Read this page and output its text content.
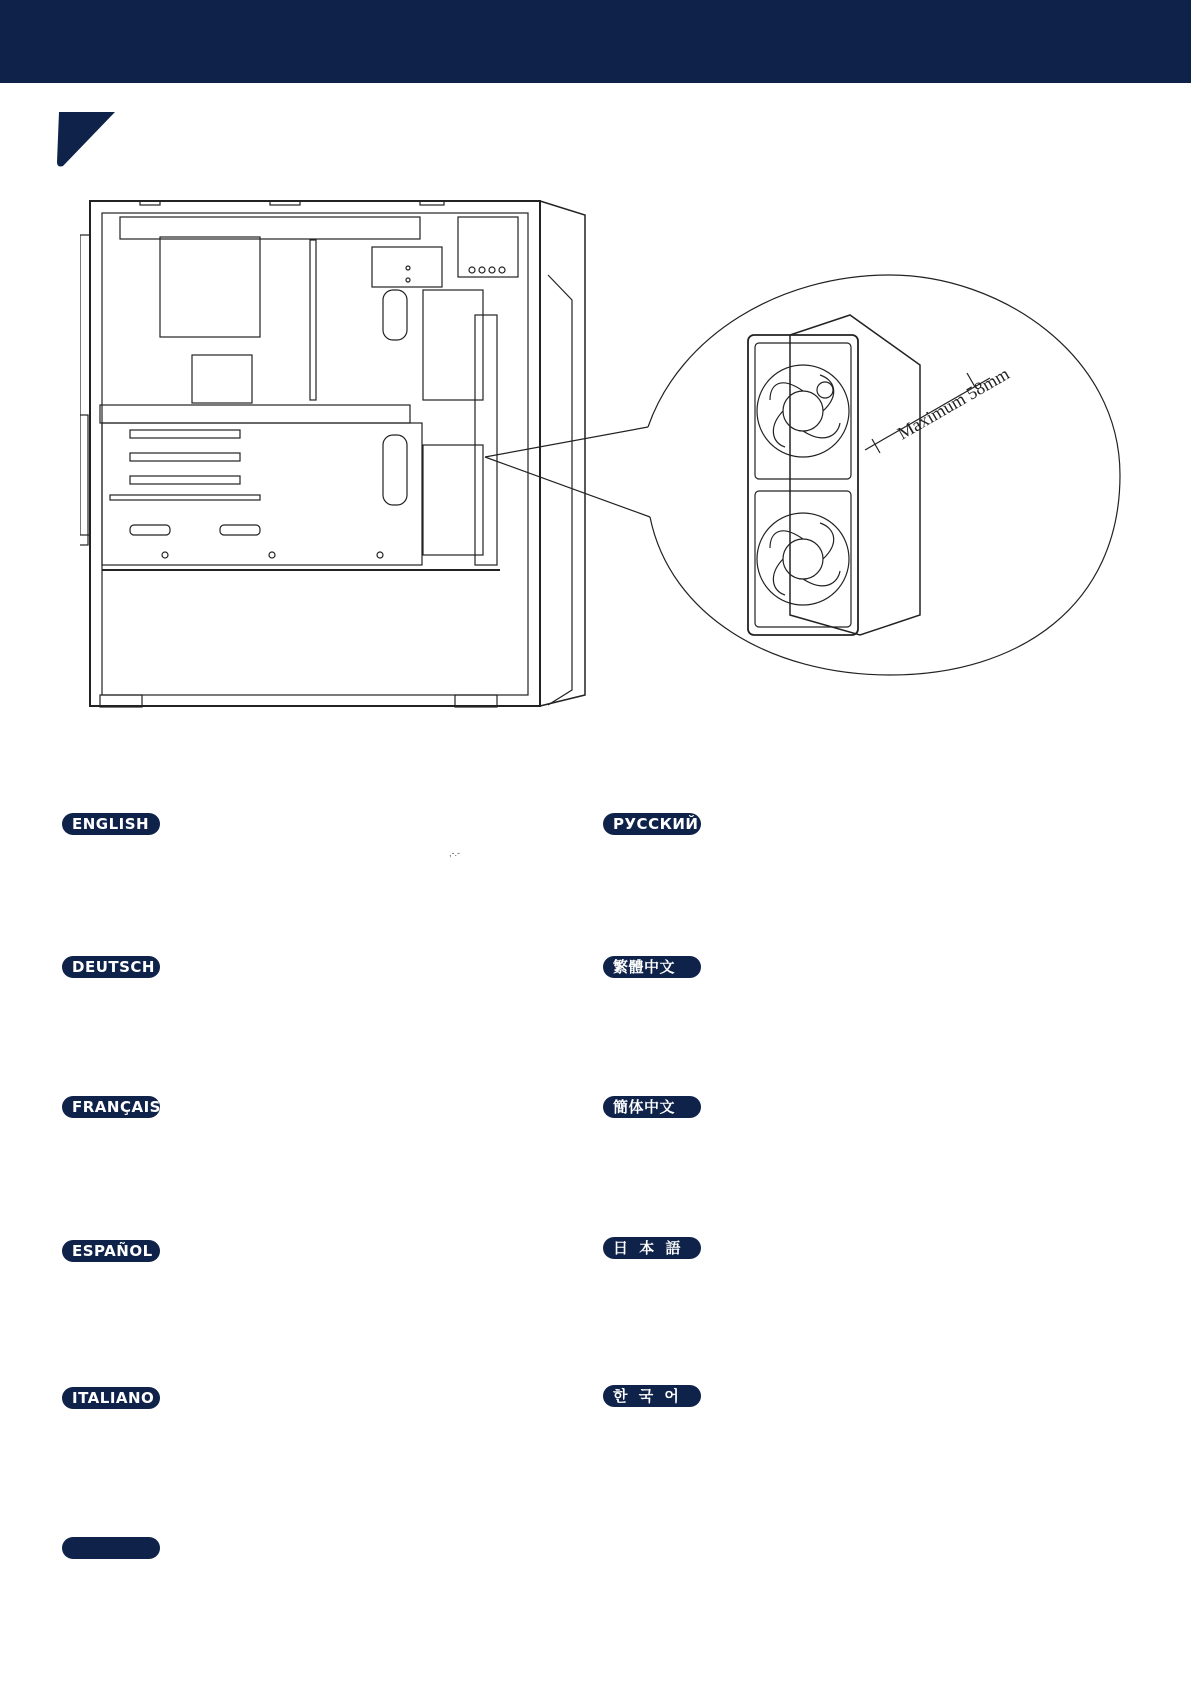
Maximum 58mm
,-.-
ENGLISH
DEUTSCH
FRANÇAIS
ESPAÑOL
ITALIANO
РУССКИЙ
繁體中文
簡体中文
日 本 語
한 국 어
